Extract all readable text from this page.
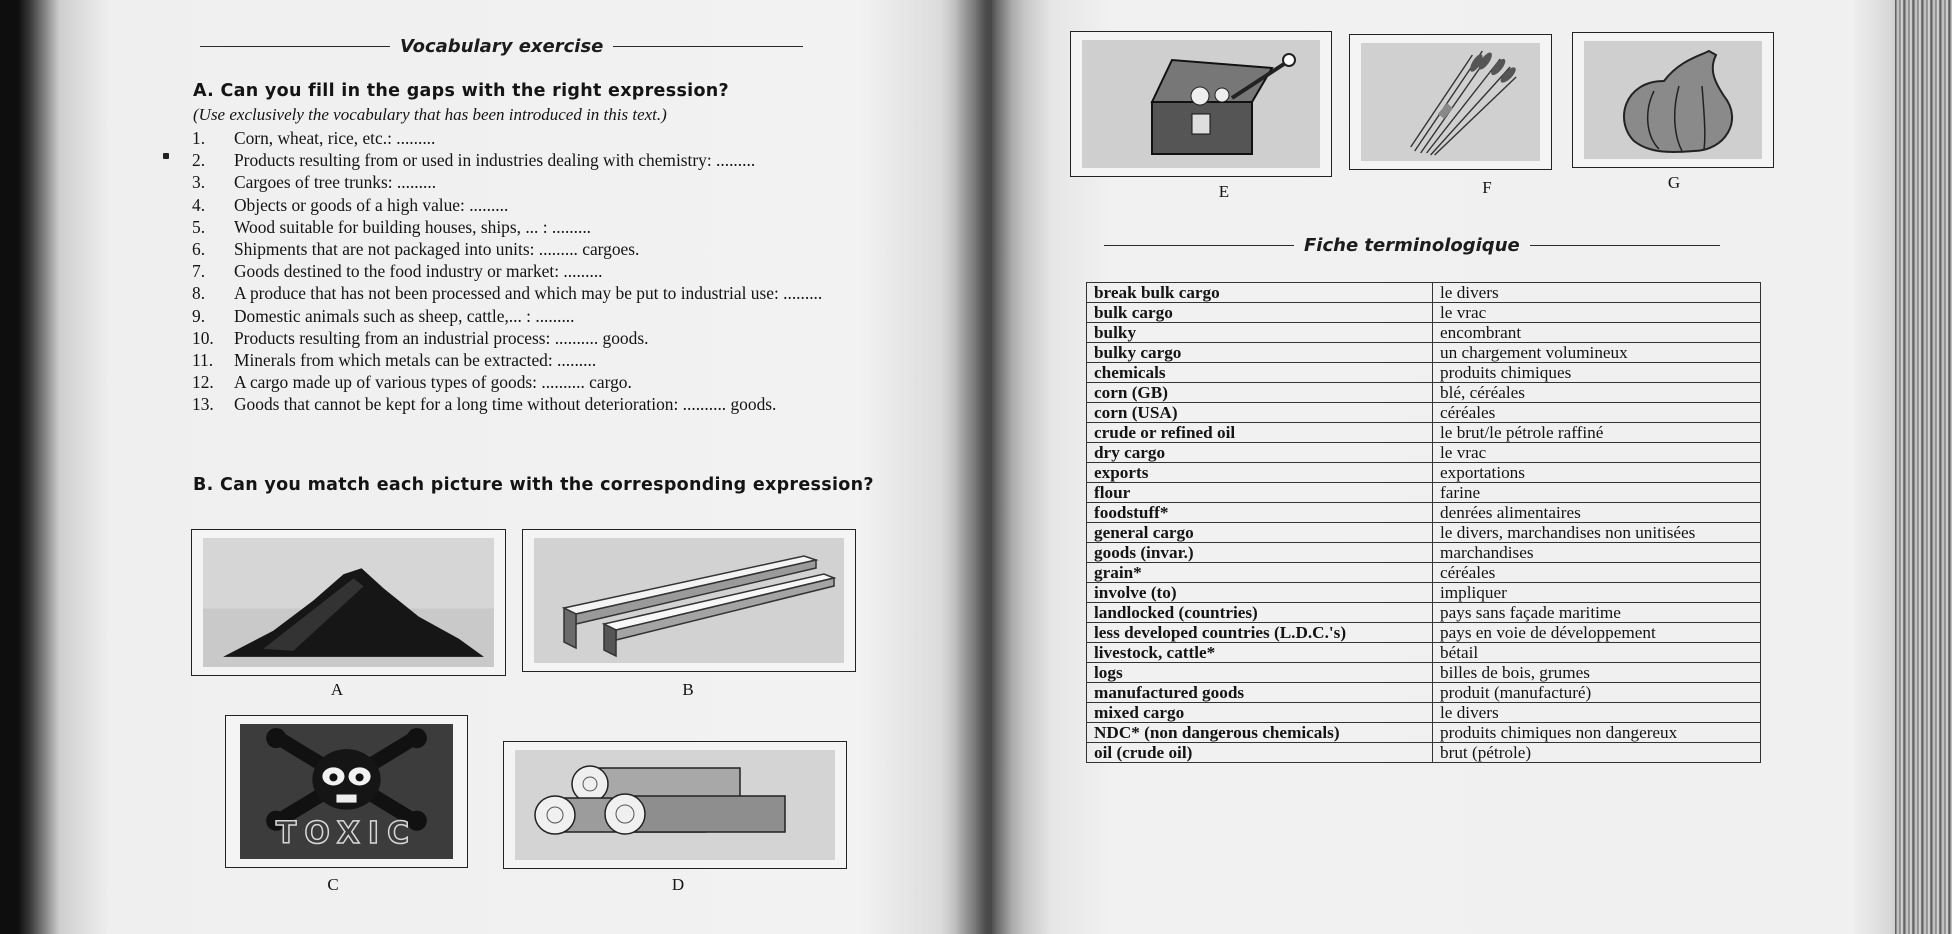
Vocabulary exercise
A. Can you fill in the gaps with the right expression?
(Use exclusively the vocabulary that has been introduced in this text.)
1. Corn, wheat, rice, etc.: .........
2. Products resulting from or used in industries dealing with chemistry: .........
3. Cargoes of tree trunks: .........
4. Objects or goods of a high value: .........
5. Wood suitable for building houses, ships, ... : .........
6. Shipments that are not packaged into units: ......... cargoes.
7. Goods destined to the food industry or market: .........
8. A produce that has not been processed and which may be put to industrial use: .........
9. Domestic animals such as sheep, cattle,... : .........
10. Products resulting from an industrial process: .......... goods.
11. Minerals from which metals can be extracted: .........
12. A cargo made up of various types of goods: .......... cargo.
13. Goods that cannot be kept for a long time without deterioration: .......... goods.
B. Can you match each picture with the corresponding expression?
A	B
TOXIC
C	D
E	F	G
Fiche terminologique
break bulk cargo	le divers
bulk cargo	le vrac
bulky	encombrant
bulky cargo	un chargement volumineux
chemicals	produits chimiques
corn (GB)	blé, céréales
corn (USA)	céréales
crude or refined oil	le brut/le pétrole raffiné
dry cargo	le vrac
exports	exportations
flour	farine
foodstuff*	denrées alimentaires
general cargo	le divers, marchandises non unitisées
goods (invar.)	marchandises
grain*	céréales
involve (to)	impliquer
landlocked (countries)	pays sans façade maritime
less developed countries (L.D.C.'s)	pays en voie de développement
livestock, cattle*	bétail
logs	billes de bois, grumes
manufactured goods	produit (manufacturé)
mixed cargo	le divers
NDC* (non dangerous chemicals)	produits chimiques non dangereux
oil (crude oil)	brut (pétrole)
